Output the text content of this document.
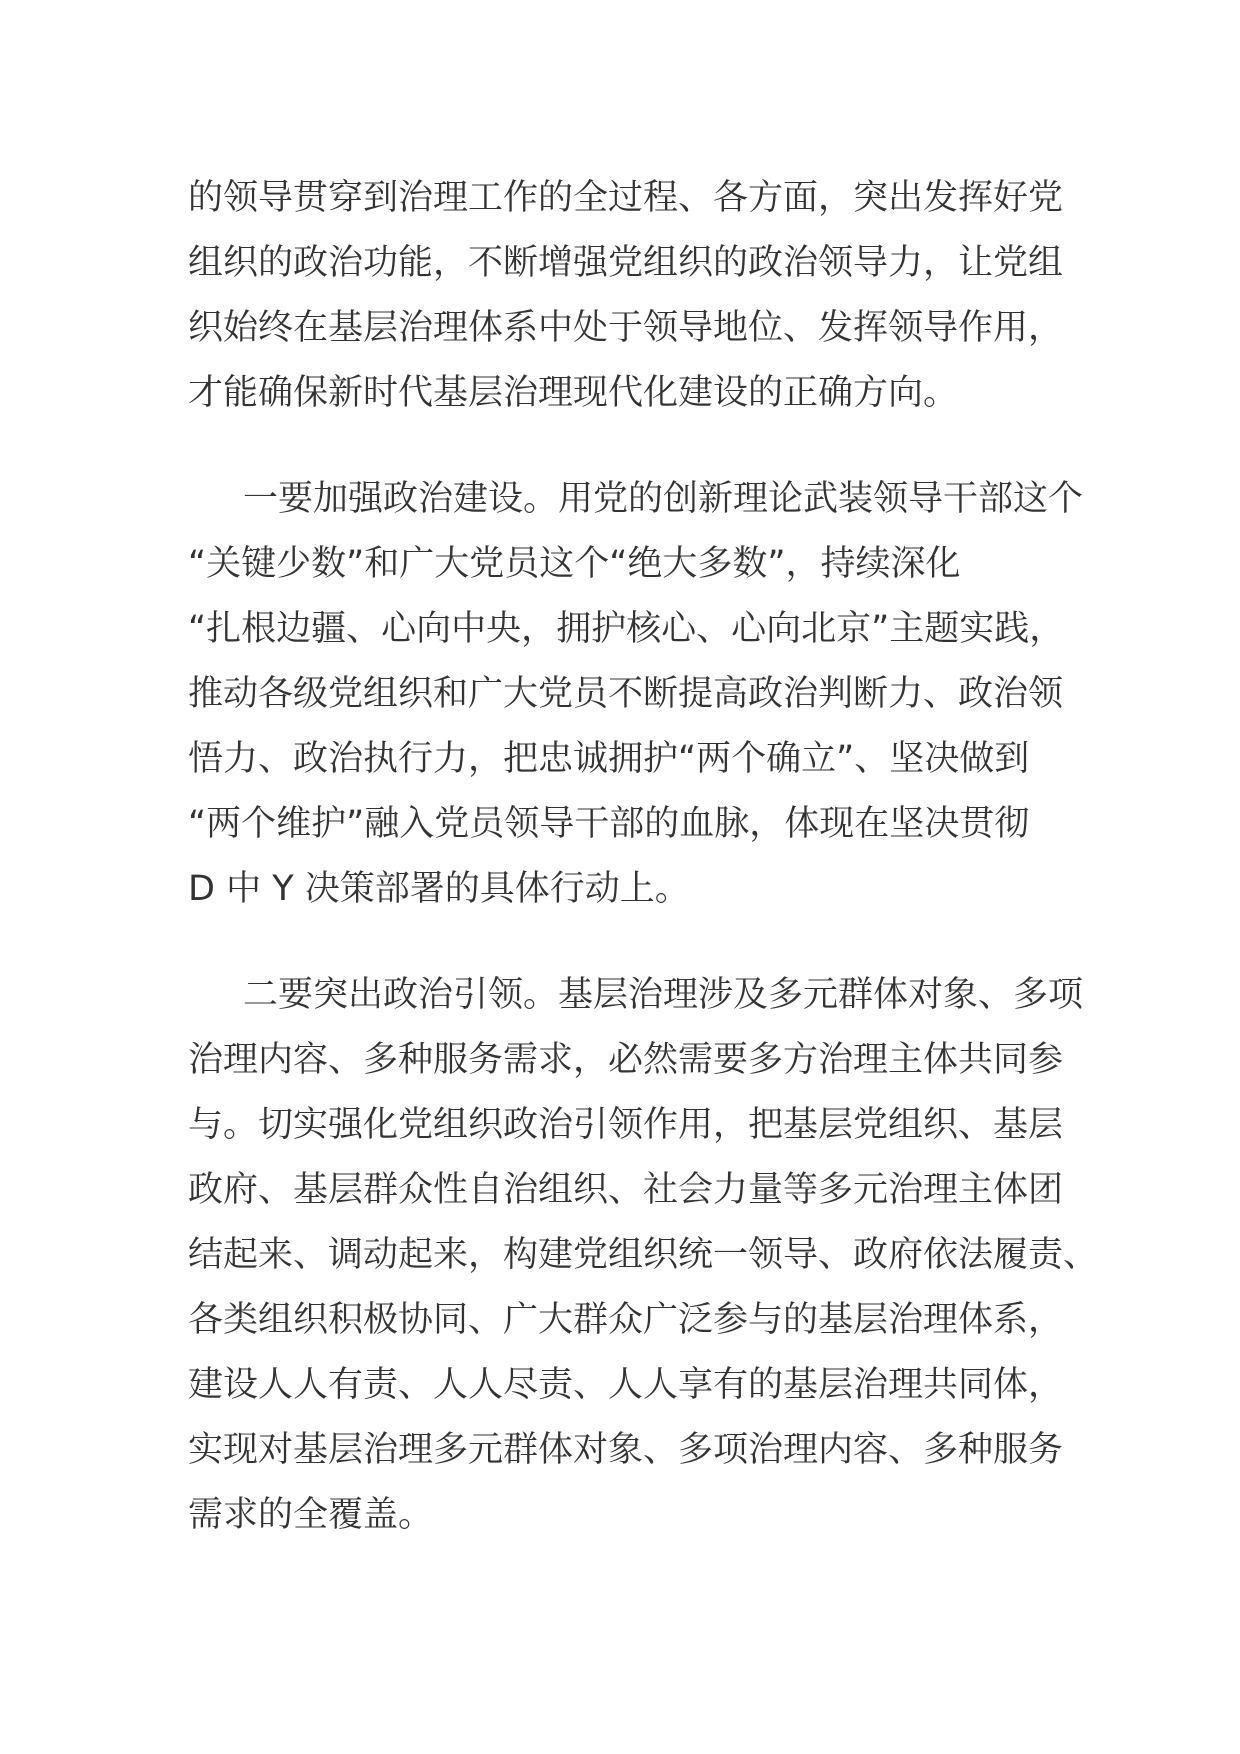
的领导贯穿到治理工作的全过程、各方面，突出发挥好党
组织的政治功能，不断增强党组织的政治领导力，让党组
织始终在基层治理体系中处于领导地位、发挥领导作用，
才能确保新时代基层治理现代化建设的正确方向。
一要加强政治建设。用党的创新理论武装领导干部这个
“关键少数”和广大党员这个“绝大多数”，持续深化
“扎根边疆、心向中央，拥护核心、心向北京”主题实践，
推动各级党组织和广大党员不断提高政治判断力、政治领
悟力、政治执行力，把忠诚拥护“两个确立”、坚决做到
“两个维护”融入党员领导干部的血脉，体现在坚决贯彻
D 中 Y 决策部署的具体行动上。
二要突出政治引领。基层治理涉及多元群体对象、多项
治理内容、多种服务需求，必然需要多方治理主体共同参
与。切实强化党组织政治引领作用，把基层党组织、基层
政府、基层群众性自治组织、社会力量等多元治理主体团
结起来、调动起来，构建党组织统一领导、政府依法履责、
各类组织积极协同、广大群众广泛参与的基层治理体系，
建设人人有责、人人尽责、人人享有的基层治理共同体，
实现对基层治理多元群体对象、多项治理内容、多种服务
需求的全覆盖。
